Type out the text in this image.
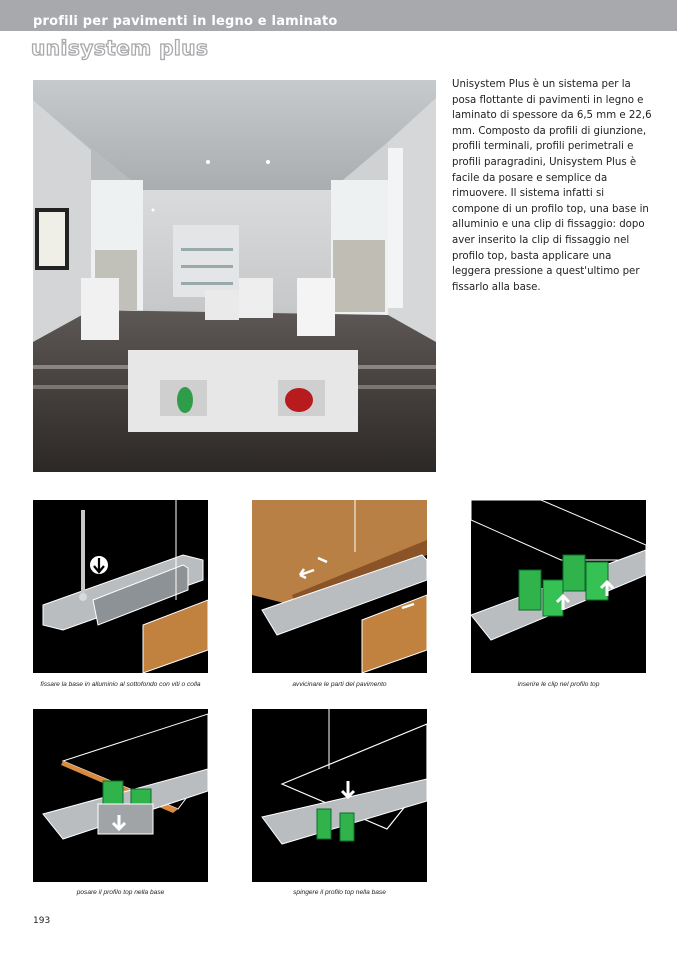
profili per pavimenti in legno e laminato
unisystem plus
Unisystem Plus è un sistema per la posa flottante di pavimenti in legno e laminato di spessore da 6,5 mm e 22,6 mm. Composto da profili di giunzione, profili terminali, profili perimetrali e profili paragradini, Unisystem Plus è facile da posare e semplice da rimuovere. Il sistema infatti si compone di un profilo top, una base in alluminio e una clip di fissaggio: dopo aver inserito la clip di fissaggio nel profilo top, basta applicare una leggera pressione a quest'ultimo per fissarlo alla base.
fissare la base in alluminio al sottofondo con viti o colla	avvicinare le parti del pavimento	inserire le clip nel profilo top
posare il profilo top nella base	spingere il profilo top nella base
193
